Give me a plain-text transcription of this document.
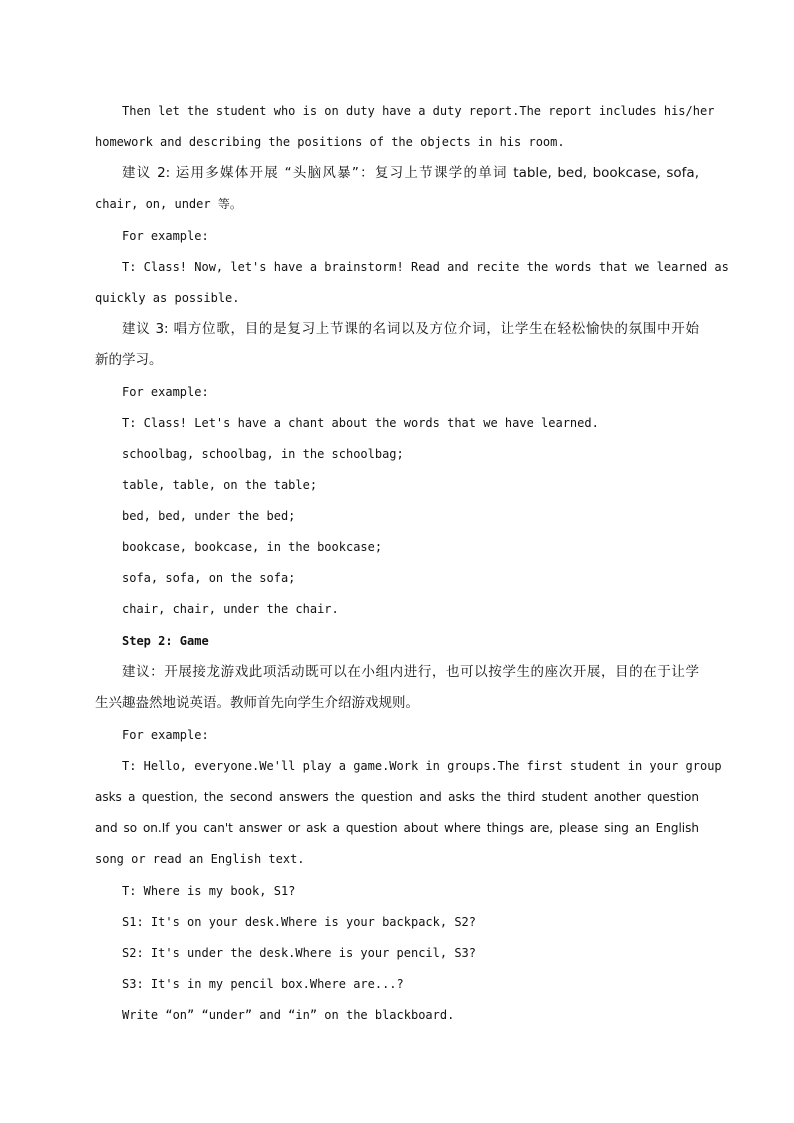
Then let the student who is on duty have a duty report.The report includes his/her
homework and describing the positions of the objects in his room.
建议 2: 运用多媒体开展 “头脑风暴”：复习上节课学的单词 table, bed, bookcase, sofa,
chair, on, under 等。
For example:
T: Class! Now, let's have a brainstorm! Read and recite the words that we learned as
quickly as possible.
建议 3: 唱方位歌，目的是复习上节课的名词以及方位介词，让学生在轻松愉快的氛围中开始
新的学习。
For example:
T: Class! Let's have a chant about the words that we have learned.
schoolbag, schoolbag, in the schoolbag;
table, table, on the table;
bed, bed, under the bed;
bookcase, bookcase, in the bookcase;
sofa, sofa, on the sofa;
chair, chair, under the chair.
Step 2: Game
建议：开展接龙游戏此项活动既可以在小组内进行，也可以按学生的座次开展，目的在于让学
生兴趣盎然地说英语。教师首先向学生介绍游戏规则。
For example:
T: Hello, everyone.We'll play a game.Work in groups.The first student in your group
asks a question, the second answers the question and asks the third student another question
and so on.If you can't answer or ask a question about where things are, please sing an English
song or read an English text.
T: Where is my book, S1?
S1: It's on your desk.Where is your backpack, S2?
S2: It's under the desk.Where is your pencil, S3?
S3: It's in my pencil box.Where are...?
Write “on” “under” and “in” on the blackboard.
